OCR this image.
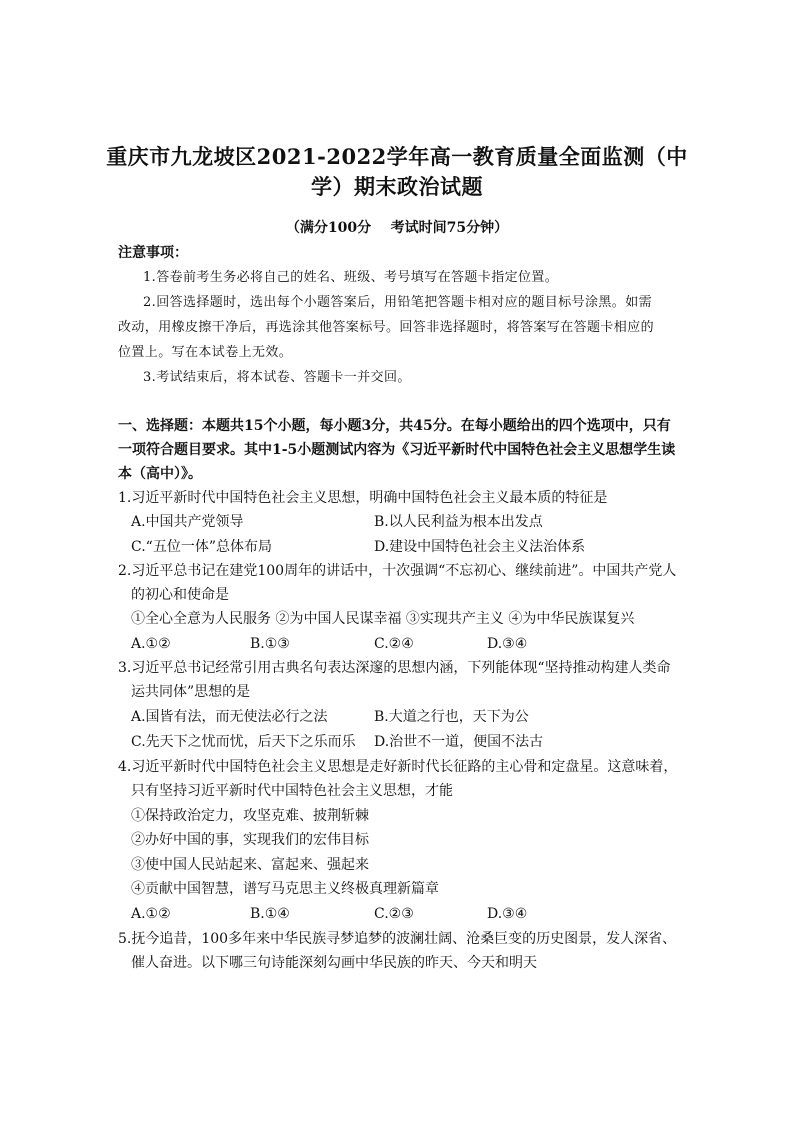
重庆市九龙坡区2021-2022学年高一教育质量全面监测（中
学）期末政治试题
（满分100分    考试时间75分钟）
注意事项：
1.答卷前考生务必将自己的姓名、班级、考号填写在答题卡指定位置。
2.回答选择题时，选出每个小题答案后，用铅笔把答题卡相对应的题目标号涂黑。如需
改动，用橡皮擦干净后，再选涂其他答案标号。回答非选择题时，将答案写在答题卡相应的
位置上。写在本试卷上无效。
3.考试结束后，将本试卷、答题卡一并交回。
一、选择题：本题共15个小题，每小题3分，共45分。在每小题给出的四个选项中，只有
一项符合题目要求。其中1-5小题测试内容为《习近平新时代中国特色社会主义思想学生读
本（高中）》。
1.习近平新时代中国特色社会主义思想，明确中国特色社会主义最本质的特征是
A.中国共产党领导	B.以人民利益为根本出发点
C.“五位一体”总体布局	D.建设中国特色社会主义法治体系
2.习近平总书记在建党100周年的讲话中，十次强调“不忘初心、继续前进”。中国共产党人
的初心和使命是
①全心全意为人民服务 ②为中国人民谋幸福 ③实现共产主义 ④为中华民族谋复兴
A.①②	B.①③	C.②④	D.③④
3.习近平总书记经常引用古典名句表达深邃的思想内涵，下列能体现“坚持推动构建人类命
运共同体”思想的是
A.国皆有法，而无使法必行之法	B.大道之行也，天下为公
C.先天下之忧而忧，后天下之乐而乐 D.治世不一道，便国不法古
4.习近平新时代中国特色社会主义思想是走好新时代长征路的主心骨和定盘星。这意味着，
只有坚持习近平新时代中国特色社会主义思想，才能
①保持政治定力，攻坚克难、披荆斩棘
②办好中国的事，实现我们的宏伟目标
③使中国人民站起来、富起来、强起来
④贡献中国智慧，谱写马克思主义终极真理新篇章
A.①②	B.①④	C.②③	D.③④
5.抚今追昔，100多年来中华民族寻梦追梦的波澜壮阔、沧桑巨变的历史图景，发人深省、
催人奋进。以下哪三句诗能深刻勾画中华民族的昨天、今天和明天
